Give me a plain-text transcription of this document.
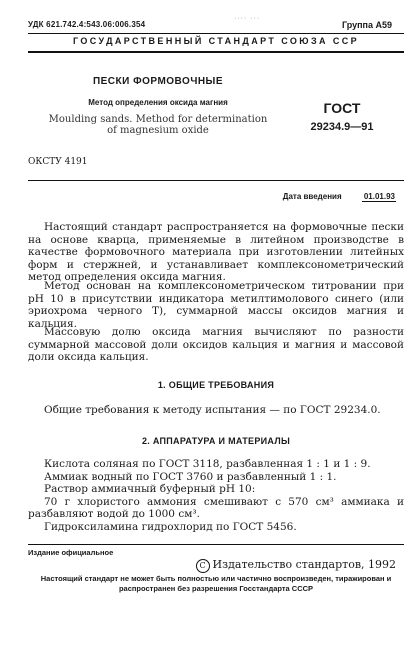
УДК 621.742.4:543.06:006.354
···· ···
Группа А59
ГОСУДАРСТВЕННЫЙ СТАНДАРТ СОЮЗА ССР
ПЕСКИ ФОРМОВОЧНЫЕ
Метод определения оксида магния
Moulding sands. Method for determination
of magnesium oxide
ГОСТ
29234.9—91
ОКСТУ 4191
Дата введения	01.01.93

Настоящий стандарт распространяется на формовочные пески на основе кварца, применяемые в литейном производстве в качестве формовочного материала при изготовлении литейных форм и стержней, и устанавливает комплексонометрический метод определения оксида магния.

Метод основан на комплексонометрическом титровании при pH 10 в присутствии индикатора метилтимолового синего (или эриохрома черного Т), суммарной массы оксидов магния и кальция.

Массовую долю оксида магния вычисляют по разности суммарной массовой доли оксидов кальция и магния и массовой доли оксида кальция.

1. ОБЩИЕ ТРЕБОВАНИЯ

Общие требования к методу испытания — по ГОСТ 29234.0.

2. АППАРАТУРА И МАТЕРИАЛЫ

Кислота соляная по ГОСТ 3118, разбавленная 1 : 1 и 1 : 9.

Аммиак водный по ГОСТ 3760 и разбавленный 1 : 1.

Раствор аммиачный буферный pH 10:

70 г хлористого аммония смешивают с 570 см³ аммиака и разбавляют водой до 1000 см³.

Гидроксиламина гидрохлорид по ГОСТ 5456.

Издание официальное
C Издательство стандартов, 1992
Настоящий стандарт не может быть полностью или частично воспроизведен, тиражирован и распространен без разрешения Госстандарта СССР
